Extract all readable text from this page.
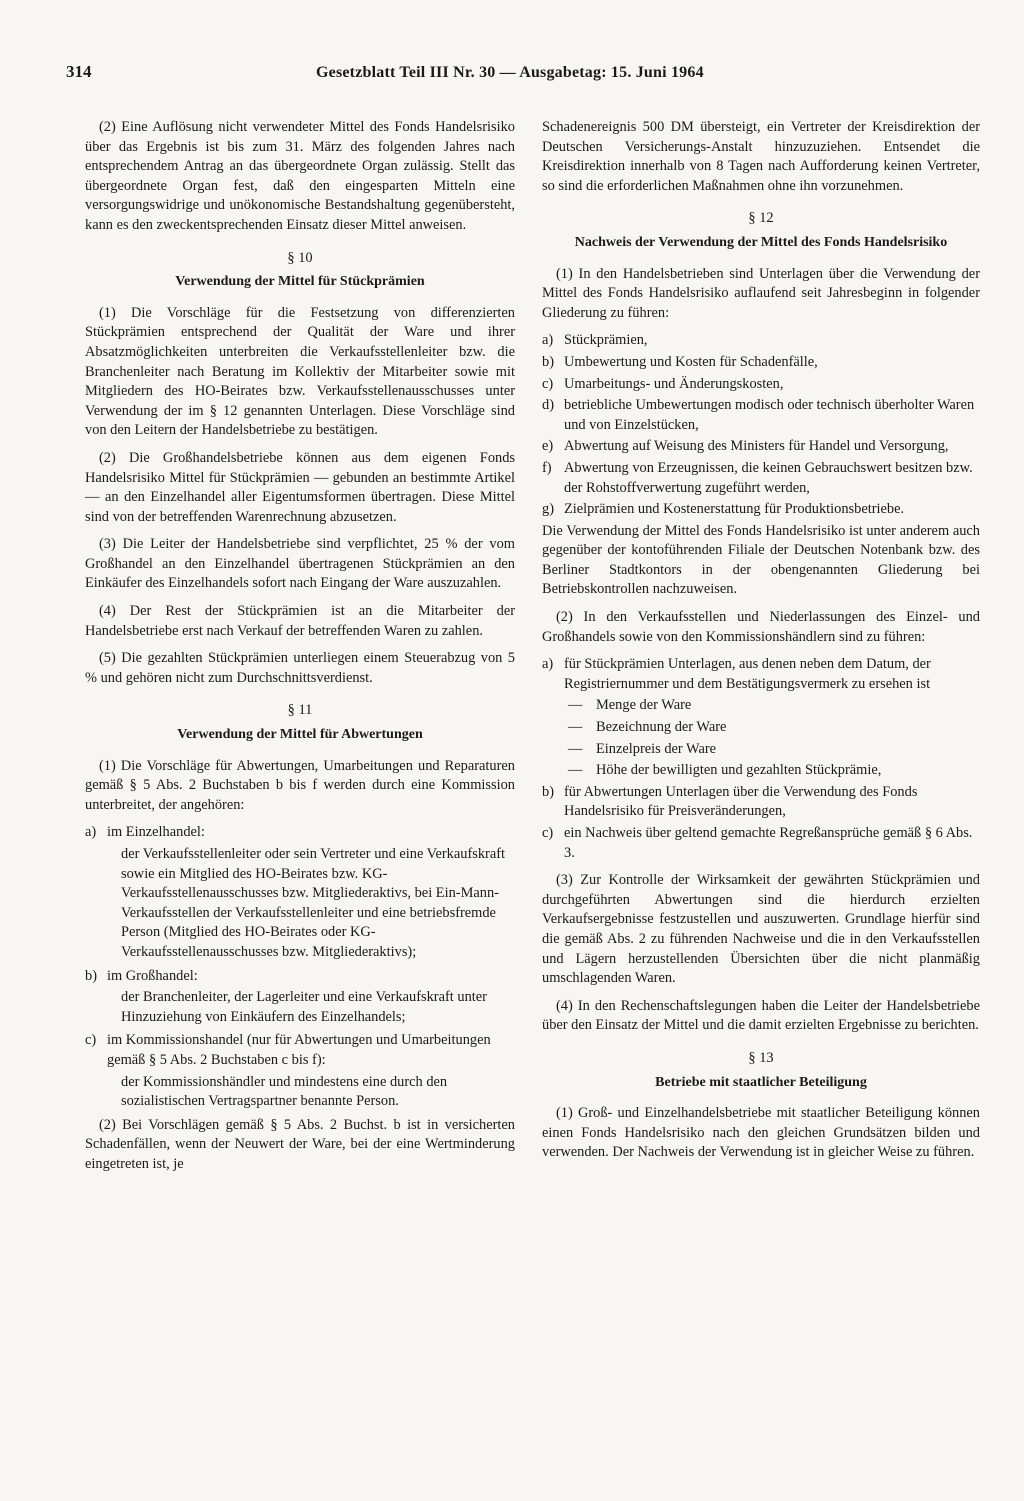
314	Gesetzblatt Teil III Nr. 30 — Ausgabetag: 15. Juni 1964

(2) Eine Auflösung nicht verwendeter Mittel des Fonds Handelsrisiko über das Ergebnis ist bis zum 31. März des folgenden Jahres nach entsprechendem Antrag an das übergeordnete Organ zulässig. Stellt das übergeordnete Organ fest, daß den eingesparten Mitteln eine versorgungswidrige und unökonomische Bestandshaltung gegenübersteht, kann es den zweckentsprechenden Einsatz dieser Mittel anweisen.

§ 10
Verwendung der Mittel für Stückprämien

(1) Die Vorschläge für die Festsetzung von differenzierten Stückprämien entsprechend der Qualität der Ware und ihrer Absatzmöglichkeiten unterbreiten die Verkaufsstellenleiter bzw. die Branchenleiter nach Beratung im Kollektiv der Mitarbeiter sowie mit Mitgliedern des HO-Beirates bzw. Verkaufsstellenausschusses unter Verwendung der im § 12 genannten Unterlagen. Diese Vorschläge sind von den Leitern der Handelsbetriebe zu bestätigen.

(2) Die Großhandelsbetriebe können aus dem eigenen Fonds Handelsrisiko Mittel für Stückprämien — gebunden an bestimmte Artikel — an den Einzelhandel aller Eigentumsformen übertragen. Diese Mittel sind von der betreffenden Warenrechnung abzusetzen.

(3) Die Leiter der Handelsbetriebe sind verpflichtet, 25 % der vom Großhandel an den Einzelhandel übertragenen Stückprämien an den Einkäufer des Einzelhandels sofort nach Eingang der Ware auszuzahlen.

(4) Der Rest der Stückprämien ist an die Mitarbeiter der Handelsbetriebe erst nach Verkauf der betreffenden Waren zu zahlen.

(5) Die gezahlten Stückprämien unterliegen einem Steuerabzug von 5 % und gehören nicht zum Durchschnittsverdienst.

§ 11
Verwendung der Mittel für Abwertungen

(1) Die Vorschläge für Abwertungen, Umarbeitungen und Reparaturen gemäß § 5 Abs. 2 Buchstaben b bis f werden durch eine Kommission unterbreitet, der angehören:

a) im Einzelhandel:
der Verkaufsstellenleiter oder sein Vertreter und eine Verkaufskraft sowie ein Mitglied des HO-Beirates bzw. KG-Verkaufsstellenausschusses bzw. Mitgliederaktivs, bei Ein-Mann-Verkaufsstellen der Verkaufsstellenleiter und eine betriebsfremde Person (Mitglied des HO-Beirates oder KG-Verkaufsstellenausschusses bzw. Mitgliederaktivs);
b) im Großhandel:
der Branchenleiter, der Lagerleiter und eine Verkaufskraft unter Hinzuziehung von Einkäufern des Einzelhandels;
c) im Kommissionshandel (nur für Abwertungen und Umarbeitungen gemäß § 5 Abs. 2 Buchstaben c bis f):
der Kommissionshändler und mindestens eine durch den sozialistischen Vertragspartner benannte Person.

(2) Bei Vorschlägen gemäß § 5 Abs. 2 Buchst. b ist in versicherten Schadenfällen, wenn der Neuwert der Ware, bei der eine Wertminderung eingetreten ist, je

Schadenereignis 500 DM übersteigt, ein Vertreter der Kreisdirektion der Deutschen Versicherungs-Anstalt hinzuzuziehen. Entsendet die Kreisdirektion innerhalb von 8 Tagen nach Aufforderung keinen Vertreter, so sind die erforderlichen Maßnahmen ohne ihn vorzunehmen.

§ 12
Nachweis der Verwendung der Mittel des Fonds Handelsrisiko

(1) In den Handelsbetrieben sind Unterlagen über die Verwendung der Mittel des Fonds Handelsrisiko auflaufend seit Jahresbeginn in folgender Gliederung zu führen:

a) Stückprämien,
b) Umbewertung und Kosten für Schadenfälle,
c) Umarbeitungs- und Änderungskosten,
d) betriebliche Umbewertungen modisch oder technisch überholter Waren und von Einzelstücken,
e) Abwertung auf Weisung des Ministers für Handel und Versorgung,
f) Abwertung von Erzeugnissen, die keinen Gebrauchswert besitzen bzw. der Rohstoffverwertung zugeführt werden,
g) Zielprämien und Kostenerstattung für Produktionsbetriebe.

Die Verwendung der Mittel des Fonds Handelsrisiko ist unter anderem auch gegenüber der kontoführenden Filiale der Deutschen Notenbank bzw. des Berliner Stadtkontors in der obengenannten Gliederung bei Betriebskontrollen nachzuweisen.

(2) In den Verkaufsstellen und Niederlassungen des Einzel- und Großhandels sowie von den Kommissionshändlern sind zu führen:

a) für Stückprämien Unterlagen, aus denen neben dem Datum, der Registriernummer und dem Bestätigungsvermerk zu ersehen ist
— Menge der Ware
— Bezeichnung der Ware
— Einzelpreis der Ware
— Höhe der bewilligten und gezahlten Stückprämie,
b) für Abwertungen Unterlagen über die Verwendung des Fonds Handelsrisiko für Preisveränderungen,
c) ein Nachweis über geltend gemachte Regreßansprüche gemäß § 6 Abs. 3.

(3) Zur Kontrolle der Wirksamkeit der gewährten Stückprämien und durchgeführten Abwertungen sind die hierdurch erzielten Verkaufsergebnisse festzustellen und auszuwerten. Grundlage hierfür sind die gemäß Abs. 2 zu führenden Nachweise und die in den Verkaufsstellen und Lägern herzustellenden Übersichten über die nicht planmäßig umschlagenden Waren.

(4) In den Rechenschaftslegungen haben die Leiter der Handelsbetriebe über den Einsatz der Mittel und die damit erzielten Ergebnisse zu berichten.

§ 13
Betriebe mit staatlicher Beteiligung

(1) Groß- und Einzelhandelsbetriebe mit staatlicher Beteiligung können einen Fonds Handelsrisiko nach den gleichen Grundsätzen bilden und verwenden. Der Nachweis der Verwendung ist in gleicher Weise zu führen.
